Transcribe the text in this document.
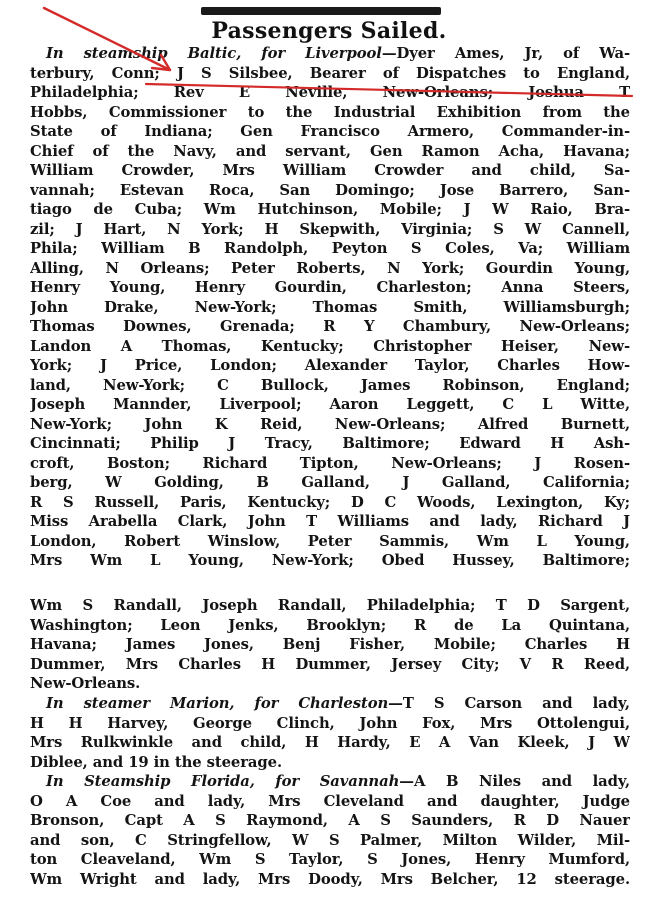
Passengers Sailed.
In steamship Baltic, for Liverpool—Dyer Ames, Jr, of Wa-
terbury, Conn; J S Silsbee, Bearer of Dispatches to England,
Philadelphia; Rev E Neville, New-Orleans; Joshua T
Hobbs, Commissioner to the Industrial Exhibition from the
State of Indiana; Gen Francisco Armero, Commander-in-
Chief of the Navy, and servant, Gen Ramon Acha, Havana;
William Crowder, Mrs William Crowder and child, Sa-
vannah; Estevan Roca, San Domingo; Jose Barrero, San-
tiago de Cuba; Wm Hutchinson, Mobile; J W Raio, Bra-
zil; J Hart, N York; H Skepwith, Virginia; S W Cannell,
Phila; William B Randolph, Peyton S Coles, Va; William
Alling, N Orleans; Peter Roberts, N York; Gourdin Young,
Henry Young, Henry Gourdin, Charleston; Anna Steers,
John Drake, New-York; Thomas Smith, Williamsburgh;
Thomas Downes, Grenada; R Y Chambury, New-Orleans;
Landon A Thomas, Kentucky; Christopher Heiser, New-
York; J Price, London; Alexander Taylor, Charles How-
land, New-York; C Bullock, James Robinson, England;
Joseph Mannder, Liverpool; Aaron Leggett, C L Witte,
New-York; John K Reid, New-Orleans; Alfred Burnett,
Cincinnati; Philip J Tracy, Baltimore; Edward H Ash-
croft, Boston; Richard Tipton, New-Orleans; J Rosen-
berg, W Golding, B Galland, J Galland, California;
R S Russell, Paris, Kentucky; D C Woods, Lexington, Ky;
Miss Arabella Clark, John T Williams and lady, Richard J
London, Robert Winslow, Peter Sammis, Wm L Young,
Mrs Wm L Young, New-York; Obed Hussey, Baltimore;
Wm S Randall, Joseph Randall, Philadelphia; T D Sargent,
Washington; Leon Jenks, Brooklyn; R de La Quintana,
Havana; James Jones, Benj Fisher, Mobile; Charles H
Dummer, Mrs Charles H Dummer, Jersey City; V R Reed,
New-Orleans.
In steamer Marion, for Charleston—T S Carson and lady,
H H Harvey, George Clinch, John Fox, Mrs Ottolengui,
Mrs Rulkwinkle and child, H Hardy, E A Van Kleek, J W
Diblee, and 19 in the steerage.
In Steamship Florida, for Savannah—A B Niles and lady,
O A Coe and lady, Mrs Cleveland and daughter, Judge
Bronson, Capt A S Raymond, A S Saunders, R D Nauer
and son, C Stringfellow, W S Palmer, Milton Wilder, Mil-
ton Cleaveland, Wm S Taylor, S Jones, Henry Mumford,
Wm Wright and lady, Mrs Doody, Mrs Belcher, 12 steerage.
